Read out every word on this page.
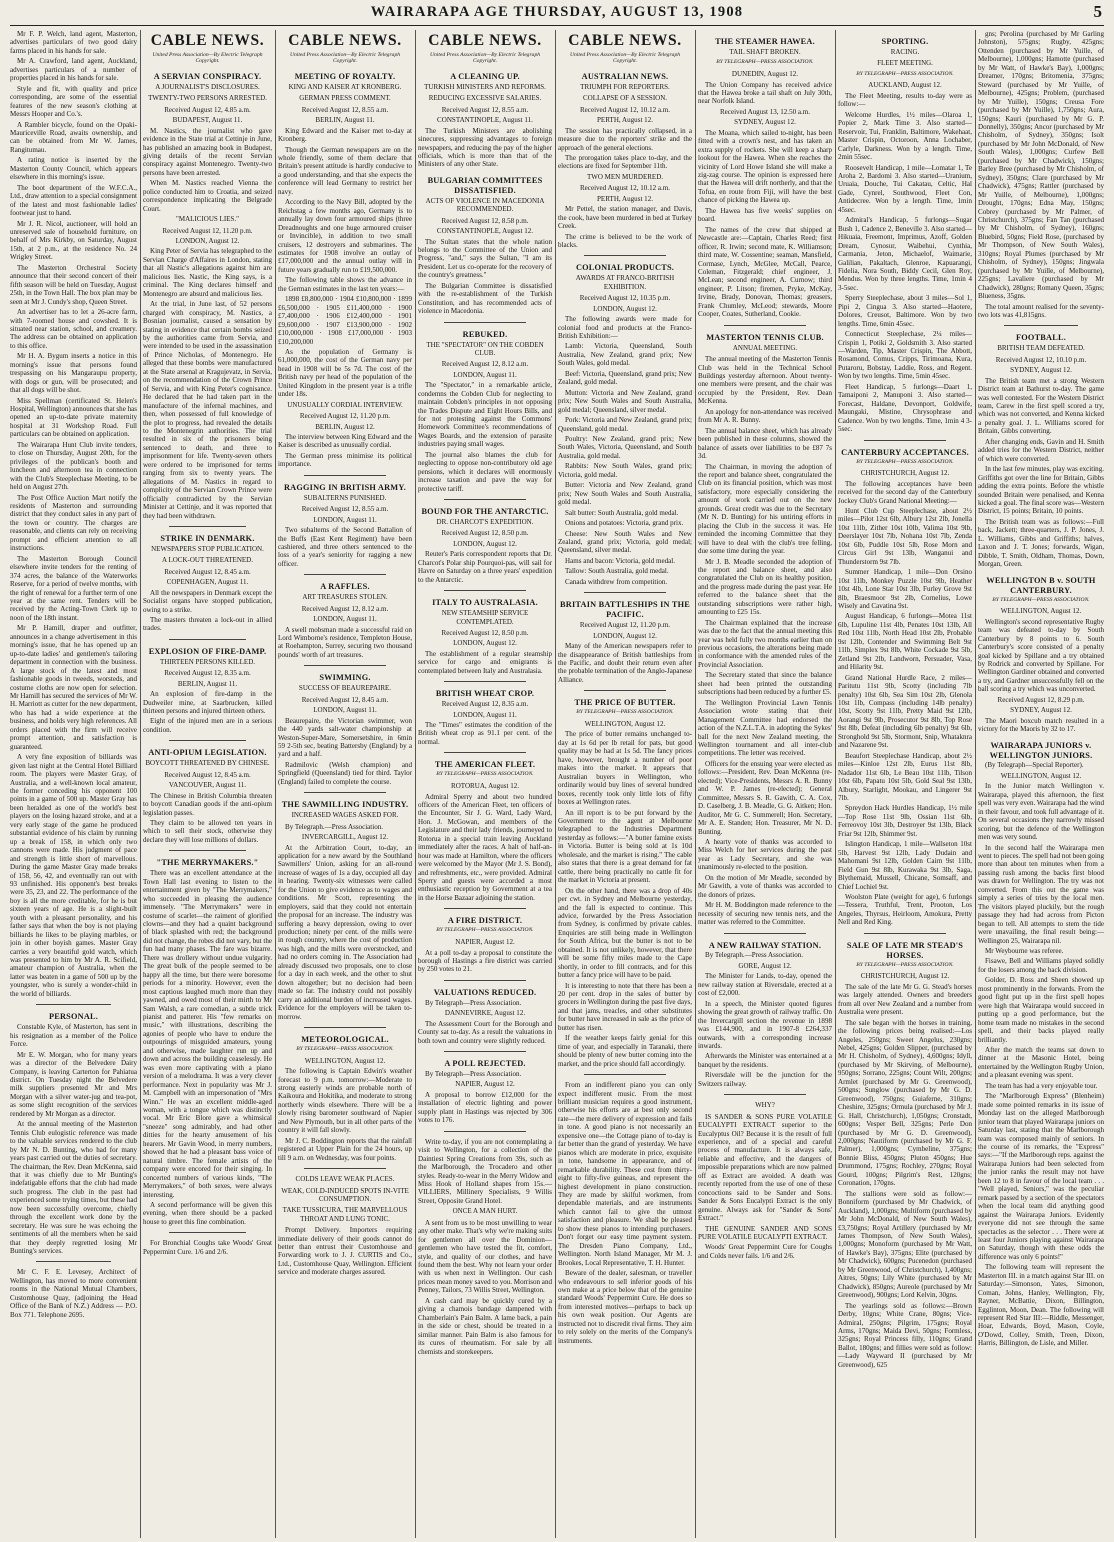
WAIRARAPA AGE THURSDAY, AUGUST 13, 1908	5

Mr F. P. Welch, land agent, Masterton, advertises particulars of two good dairy farms placed in his hands for sale.

Mr A. Crawford, land agent, Auckland, advertises particulars of a number of properties placed in his hands for sale.

Style and fit, with quality and price corresponding, are some of the essential features of the new season's clothing at Messrs Hooper and Co.'s.

A Rambler bicycle, found on the Opaki-Mauriceville Road, awaits ownership, and can be obtained from Mr W. James, Rangitumau.

A rating notice is inserted by the Masterton County Council, which appears elsewhere in this morning's issue.

The boot department of the W.F.C.A., Ltd., draw attention to a special consignment of the latest and most fashionable ladies' footwear just to hand.

Mr J. R. Nicol, auctioneer, will hold an unreserved sale of household furniture, on behalf of Mrs Kirkby, on Saturday, August 15th, at 2 p.m., at the residence No. 24 Wrigley Street.

The Masterton Orchestral Society announce that their second concert of their fifth season will be held on Tuesday, August 25th, in the Town Hall. The box plan may be seen at Mr J. Cundy's shop, Queen Street.

An advertiser has to let a 26-acre farm, with 7-roomed house and cowshed. It is situated near station, school, and creamery. The address can be obtained on application to this office.

Mr H. A. Bygum inserts a notice in this morning's issue that persons found trespassing on his Mangaraupu property, with dogs or gun, will be prosecuted; and that all dogs will be shot.

Miss Spellman (certificated St. Helen's Hospital, Wellington) announces that she has opened an up-to-date private maternity hospital at 31 Workshop Road. Full particulars can be obtained on application.

The Wairarapa Hunt Club invite tenders, to close on Thursday, August 20th, for the privileges of the publican's booth and luncheon and afternoon tea in connection with the Club's Steeplechase Meeting, to be held on August 27th.

The Post Office Auction Mart notify the residents of Masterton and surrounding district that they conduct sales in any part of the town or country. The charges are reasonable, and clients can rely on receiving prompt and efficient attention to all instructions.

The Masterton Borough Council elsewhere invite tenders for the renting of 374 acres, the balance of the Waterworks Reserve, for a period of twelve months, with the right of renewal for a further term of one year at the same rent. Tenders will be received by the Acting-Town Clerk up to noon of the 18th instant.

Mr P. Hamill, draper and outfitter, announces in a change advertisement in this morning's issue, that he has opened up an up-to-date ladies' and gentlemen's tailoring department in connection with the business. A large stock of the latest and most fashionable goods in tweeds, worsteds, and costume cloths are now open for selection. Mr Hamill has secured the services of Mr W. H. Marriott as cutter for the new department, who has had a wide experience at the business, and holds very high references. All orders placed with the firm will receive prompt attention, and satisfaction is guaranteed.

A very fine exposition of billiards was given last night at the Central Hotel Billiard room. The players were Master Gray, of Australia, and a well-known local amateur, the former conceding his opponent 100 points in a game of 500 up. Master Gray has been heralded as one of the world's best players on the losing hazard stroke, and at a very early stage of the game he produced substantial evidence of his claim by running up a break of 158, in which only two cannons were made. His judgment of pace and strength is little short of marvellous. During the game Master Gray made breaks of 158, 56, 42, and eventually ran out with 93 unfinished. His opponent's best breaks were 35, 23, and 22. The performance of the boy is all the more creditable, for he is but sixteen years of age. He is a slight-built youth with a pleasant personality, and his father says that when the boy is not playing billiards he likes to be playing marbles, or join in other boyish games. Master Gray carries a very beautiful gold watch, which was presented to him by Mr A. R. Scifield, amateur champion of Australia, when the latter was beaten in a game of 500 up by the youngster, who is surely a wonder-child in the world of billiards.

PERSONAL.

Constable Kyle, of Masterton, has sent in his resignation as a member of the Police Force.

Mr E. W. Morgan, who for many years was a director of the Belvedere Dairy Company, is leaving Carterton for Pahiatua district. On Tuesday night the Belvedere milk suppliers presented Mr and Mrs Morgan with a silver water-jug and tea-pot, as some slight recognition of the services rendered by Mr Morgan as a director.

At the annual meeting of the Masterton Tennis Club eulogistic reference was made to the valuable services rendered to the club by Mr N. D. Bunting, who had for many years past carried out the duties of secretary. The chairman, the Rev. Dean McKenna, said that it was chiefly due to Mr Bunting's indefatigable efforts that the club had made such progress. The club in the past had experienced some trying times, but these had now been successfully overcome, chiefly through the excellent work done by the secretary. He was sure he was echoing the sentiments of all the members when he said that they deeply regretted losing Mr Bunting's services.

Mr C. F. E. Levesey, Architect of Wellington, has moved to more convenient rooms in the National Mutual Chambers, Customhouse Quay, (adjoining the Head Office of the Bank of N.Z.) Address — P.O. Box 771. Telephone 2695.

CABLE NEWS.
United Press Association—By Electric Telegraph Copyright.
A SERVIAN CONSPIRACY.
A JOURNALIST'S DISCLOSURES.
TWENTY-TWO PERSONS ARRESTED.

Received August 12, 4.85 a.m.

BUDAPEST, August 11.

M. Nastics, the journalist who gave evidence in the State trial at Cettinje in June, has published an amazing book in Budapest, giving details of the recent Servian conspiracy against Montenegro. Twenty-two persons have been arrested.

When M. Nastics reached Vienna the police conducted him to Croatia, and seized correspondence implicating the Belgrade Court.

"MALICIOUS LIES."

Received August 12, 11.20 p.m.

LONDON, August 12.

King Peter of Servia has telegraphed to the Servian Charge d'Affaires in London, stating that all Nastic's allegations against him are malicious lies. Nastic, the King says, is a criminal. The King declares himself and Montenegro are absurd and malicious lies.

At the trial, in June last, of 52 persons charged with conspiracy, M. Nastics, a Bosnian journalist, caused a sensation by stating in evidence that certain bombs seized by the authorities came from Servia, and were intended to be used in the assassination of Prince Nicholas, of Montenegro. He alleged that these bombs were manufactured at the State arsenal at Kragujevatz, in Servia, on the recommendation of the Crown Prince of Servia, and with King Peter's cognisance. He declared that he had taken part in the manufacture of the infernal machines, and then, when possessed of full knowledge of the plot to progress, had revealed the details to the Montenegrin authorities. The trial resulted in six of the prisoners being sentenced to death, and three to imprisonment for life. Twenty-seven others were ordered to be imprisoned for terms ranging from six to twenty years. The allegations of M. Nastics in regard to complicity of the Servian Crown Prince were officially contradicted by the Servian Minister at Cettinje, and it was reported that they had been withdrawn.

STRIKE IN DENMARK.
NEWSPAPERS STOP PUBLICATION.
A LOCK-OUT THREATENED.

Received August 12, 8.45 a.m.

COPENHAGEN, August 11.

All the newspapers in Denmark except the Socialist organs have stopped publication, owing to a strike.

The masters threaten a lock-out in allied trades.

EXPLOSION OF FIRE-DAMP.
THIRTEEN PERSONS KILLED.

Received August 12, 8.35 a.m.

BERLIN, August 11.

An explosion of fire-damp in the Dudweiler mine, at Saarbrucken, killed thirteen persons and injured thirteen others.

Eight of the injured men are in a serious condition.

ANTI-OPIUM LEGISLATION.
BOYCOTT THREATENED BY CHINESE.

Received August 12, 8.45 a.m.

VANCOUVER, August 11.

The Chinese in British Columbia threaten to boycott Canadian goods if the anti-opium legislation passes.

They claim to be allowed ten years in which to sell their stock, otherwise they declare they will lose millions of dollars.

"THE MERRYMAKERS."

There was an excellent attendance at the Town Hall last evening to listen to the entertainment given by "The Merrymakers," who succeeded in pleasing the audience immensely. "The Merrymakers" were in costume of scarlet—the raiment of glorified clowns—and they had a quaint background of black splashed with red; the background did not change, the robes did not vary, but the fun had many phases. The fare was bizarre. There was drollery without undue vulgarity. The great bulk of the people seemed to be happy all the time, but there were boresome periods for a minority. However, even the most captious laughed much more than they yawned, and owed most of their mirth to Mr Sam Walsh, a rare comedian, a subtle trick pianist and patterer. His "few remarks on music," with illustrations, describing the agonies of people who have to endure the outpourings of misguided amateurs, young and otherwise, made laughter run up and down and across the building ceaselessly. He was even more captivating with a piano version of a melodrama. It was a very clever performance. Next in popularity was Mr J. M. Campbell with an impersonation of "Mrs Winn." He was an excellent middle-aged woman, with a tongue which was distinctly vocal. Mr Eric Blore gave a whimsical "sneeze" song admirably, and had other ditties for the hearty amusement of his hearers. Mr Gavin Wood, in merry numbers, showed that he had a pleasant bass voice of natural timbre. The female artists of the company were encored for their singing. In concerted numbers of various kinds, "The Merrymakers," of both sexes, were always interesting.

A second performance will be given this evening, when there should be a packed house to greet this fine combination.

For Bronchial Coughs take Woods' Great Peppermint Cure. 1/6 and 2/6.

CABLE NEWS.
United Press Association—By Electric Telegraph Copyright.
MEETING OF ROYALTY.
KING AND KAISER AT KRONBERG.
GERMAN PRESS COMMENT.

Received August 12, 8.55 a.m.

BERLIN, August 11.

King Edward and the Kaiser met to-day at Kronberg.

Though the German newspapers are on the whole friendly, some of them declare that Britain's present attitude is hardly conducive to a good understanding, and that she expects the conference will lead Germany to restrict her navy.

According to the Navy Bill, adopted by the Reichstag a few months ago, Germany is to annually lay down four armoured ships (three Dreadnoughts and one huge armoured cruiser or Invincible), in addition to two small cruisers, 12 destroyers and submarines. The estimates for 1908 involve an outlay of £17,000,000 and the annual outlay will in future years gradually run to £19,500,000.

The following table shows the advance in the German estimates in the last ten years:—

1898 £8,800,000 · 1904 £10,800,000 · 1899 £6,500,000 · 1905 £11,400,000 · 1900 £7,400,000 · 1906 £12,400,000 · 1901 £9,600,000 · 1907 £13,900,000 · 1902 £10,000,000 · 1908 £17,000,000 · 1903 £10,200,000

As the population of Germany is 61,000,000, the cost of the German navy per head in 1908 will be 5s 7d. The cost of the British navy per head of the population of the United Kingdom in the present year is a trifle under 18s.

UNUSUALLY CORDIAL INTERVIEW.

Received August 12, 11.20 p.m.

BERLIN, August 12.

The interview between King Edward and the Kaiser is described as unusually cordial.

The German press minimise its political importance.

RAGGING IN BRITISH ARMY.
SUBALTERNS PUNISHED.

Received August 12, 8.55 a.m.

LONDON, August 11.

Two subalterns of the Second Battalion of the Buffs (East Kent Regiment) have been cashiered, and three others sentenced to the loss of a year's seniority for ragging a new officer.

A RAFFLES.
ART TREASURES STOLEN.

Received August 12, 8.12 a.m.

LONDON, August 11.

A swell mobsman made a successful raid on Lord Wimborne's residence, Templeton House, at Roehampton, Surrey, securing two thousand pounds' worth of art treasures.

SWIMMING.
SUCCESS OF BEAUREPAIRE.

Received August 12, 8.45 a.m.

LONDON, August 11.

Beaurepaire, the Victorian swimmer, won the 440 yards salt-water championship at Weston-Super-Mare, Somersetshire, in 6min 59 2-5th sec, beating Battersby (England) by a yard and a half.

Radmilovic (Welsh champion) and Springfield (Queensland) tied for third. Taylor (England) failed to complete the course.

THE SAWMILLING INDUSTRY.
INCREASED WAGES ASKED FOR.

By Telegraph.—Press Association.

INVERCARGILL, August 12.

At the Arbitration Court, to-day, an application for a new award by the Southland Sawmillers' Union, asking for an all-round increase of wages of 1s a day, occupied all day in hearing. Twenty-six witnesses were called for the Union to give evidence as to wages and conditions. Mr Scott, representing the employers, said that they could not entertain the proposal for an increase. The industry was suffering a heavy depression, owing to over production; ninety per cent. of the mills were in rough country, where the cost of production was high, and the mills were overstocked, and had no orders coming in. The Association had already discussed two proposals, one to close for a day in each week, and the other to shut down altogether; but no decision had been made so far. The industry could not possibly carry an additional burden of increased wages. Evidence for the employers will be taken to-morrow.

METEOROLOGICAL.
BY TELEGRAPH—PRESS ASSOCIATION.

WELLINGTON, August 12.

The following is Captain Edwin's weather forecast to 9 p.m. tomorrow:—Moderate to strong easterly winds are probable north of Kaikoura and Hokitika, and moderate to strong northerly winds elsewhere. There will be a slowly rising barometer southward of Napier and New Plymouth, but in all other parts of the country it will fall slowly.

Mr J. C. Boddington reports that the rainfall registered at Upper Plain for the 24 hours, up till 9 a.m. on Wednesday, was four points.

COLDS LEAVE WEAK PLACES.
WEAK, COLD-INDUCED SPOTS IN-VITE CONSUMPTION.
TAKE TUSSICURA, THE MARVELLOUS THROAT AND LUNG TONIC.

Prompt Delivery. Importers requiring immediate delivery of their goods cannot do better than entrust their Customhouse and Forwarding work to J. J. CURTIS and Co., Ltd., Customhouse Quay, Wellington. Efficient service and moderate charges assured.

CABLE NEWS.
United Press Association—By Electric Telegraph Copyright.
A CLEANING UP.
TURKISH MINISTERS AND REFORMS.
REDUCING EXCESSIVE SALARIES.

Received August 12, 8.55 a.m.

CONSTANTINOPLE, August 11.

The Turkish Ministers are abolishing sinecures, suppressing advantages to foreign newspapers, and reducing the pay of the higher officials, which is more than that of the Ministers of any other State.

BULGARIAN COMMITTEES DISSATISFIED.
ACTS OF VIOLENCE IN MACEDONIA RECOMMENDED.

Received August 12, 8.58 p.m.

CONSTANTINOPLE, August 12.

The Sultan states that the whole nation belongs to the Committee of the Union and Progress, "and," says the Sultan, "I am its President. Let us co-operate for the recovery of the country's greatness."

The Bulgarian Committee is dissatisfied with the re-establishment of the Turkish Constitution, and has recommended acts of violence in Macedonia.

REBUKED.
THE "SPECTATOR" ON THE COBDEN CLUB.

Received August 12, 8.12 a.m.

LONDON, August 11.

The "Spectator," in a remarkable article, condemns the Cobden Club for neglecting to maintain Cobden's principles in not opposing the Trades Dispute and Eight Hours Bills, and for not protesting against the Commons' Homework Committee's recommendations of Wages Boards, and the extension of parasite industries paying small wages.

The journal also blames the club for neglecting to oppose non-contributory old age pensions, which it declares will enormously increase taxation and pave the way for protective tariff.

BOUND FOR THE ANTARCTIC.
DR. CHARCOT'S EXPEDITION.

Received August 12, 8.50 p.m.

LONDON, August 12.

Reuter's Paris correspondent reports that Dr. Charcot's Polar ship Pourquoi-pas, will sail for Havre on Saturday on a three years' expedition to the Antarctic.

ITALY TO AUSTRALASIA.
NEW STEAMSHIP SERVICE CONTEMPLATED.

Received August 12, 8.50 p.m.

LONDON, August 12.

The establishment of a regular steamship service for cargo and emigrants is contemplated between Italy and Australasia.

BRITISH WHEAT CROP.

Received August 12, 8.35 a.m.

LONDON, August 11.

The "Times" estimates the condition of the British wheat crop as 91.1 per cent. of the normal.

THE AMERICAN FLEET.
BY TELEGRAPH—PRESS ASSOCIATION.

ROTORUA, August 12.

Admiral Sperry and about two hundred officers of the American Fleet, ten officers of the Encounter, Sir J. G. Ward, Lady Ward, Hon. J. McGowan, and members of the Legislature and their lady friends, journeyed to Rotorua in a special train leaving Auckland immediately after the races. A halt of half-an-hour was made at Hamilton, where the officers were welcomed by the Mayor (Mr J. S. Bond), and refreshments, etc., were provided. Admiral Sperry and guests were accorded a most enthusiastic reception by Government at a tea in the Horse Bazaar adjoining the station.

A FIRE DISTRICT.
BY TELEGRAPH—PRESS ASSOCIATION.

NAPIER, August 12.

At a poll to-day a proposal to constitute the borough of Hastings a fire district was carried by 250 votes to 21.

VALUATIONS REDUCED.

By Telegraph—Press Association.

DANNEVIRKE, August 12.

The Assessment Court for the Borough and County sat to-day. As a result the valuations in both town and country were slightly reduced.

A POLL REJECTED.

By Telegraph—Press Association.

NAPIER, August 12.

A proposal to borrow £12,000 for the installation of electric lighting and power supply plant in Hastings was rejected by 306 votes to 176.

Write to-day, if you are not contemplating a visit to Wellington, for a collection of the Daintiest Spring Creations from 39s, such as the Marlborough, the Trocadero and other styles. Ready-to-wear in the Merry Widow and Miss Hook of Holland shapes from 15s.—VILLIERS, Millinery Specialists, 9 Willis Street, Opposite Grand Hotel.

ONCE A MAN HURT.

A sent from us to be most unwilling to wear any other make. That's why we're making suits for gentlemen all over the Dominion—gentlemen who have tested the fit, comfort, style, and quality of our clothes, and have found them the best. Why not learn your order with us when next in Wellington. Our cash prices mean money saved to you. Morrison and Penney, Tailors, 73 Willis Street, Wellington.

A cash card may be quickly cured by a giving a chamois bandage dampened with Chamberlain's Pain Balm. A lame back, a pain in the side or chest, should be treated in a similar manner. Pain Balm is also famous for its cures of rheumatism. For sale by all chemists and storekeepers.

CABLE NEWS.
United Press Association—By Electric Telegraph Copyright.
AUSTRALIAN NEWS.
TRIUMPH FOR REPORTERS.
COLLAPSE OF A SESSION.

Received August 12, 10.12 a.m.

PERTH, August 12.

The session has practically collapsed, in a measure due to the reporters' strike and the approach of the general elections.

The prorogation takes place to-day, and the elections are fixed for September 11th.

TWO MEN MURDERED.

Received August 12, 10.12 a.m.

PERTH, August 12.

Mr Pettel, the station manager, and Davis, the cook, have been murdered in bed at Turkey Creek.

The crime is believed to be the work of blacks.

COLONIAL PRODUCTS.
AWARDS AT FRANCO-BRITISH EXHIBITION.

Received August 12, 10.35 p.m.

LONDON, August 12.

The following awards were made for colonial food and products at the Franco-British Exhibition:—

Lamb: Victoria, Queensland, South Australia, New Zealand, grand prix; New South Wales, gold medal.

Beef: Victoria, Queensland, grand prix; New Zealand, gold medal.

Mutton: Victoria and New Zealand, grand prix; New South Wales and South Australia, gold medal; Queensland, silver medal.

Pork: Victoria and New Zealand, grand prix; Queensland, gold medal.

Poultry: New Zealand, grand prix; New South Wales, Victoria, Queensland, and South Australia, gold medal.

Rabbits: New South Wales, grand prix; Victoria, gold medal.

Butter: Victoria and New Zealand, grand prix; New South Wales and South Australia, gold medal.

Salt butter: South Australia, gold medal.

Onions and potatoes: Victoria, grand prix.

Cheese: New South Wales and New Zealand, grand prix; Victoria, gold medal; Queensland, silver medal.

Hams and bacon: Victoria, gold medal.

Tallow: South Australia, gold medal.

Canada withdrew from competition.

BRITAIN BATTLESHIPS IN THE PACIFIC.

Received August 12, 11.20 p.m.

LONDON, August 12.

Many of the American newspapers refer to the disappearance of British battleships from the Pacific, and doubt their return even after the probable termination of the Anglo-Japanese Alliance.

THE PRICE OF BUTTER.
BY TELEGRAPH—PRESS ASSOCIATION.

WELLINGTON, August 12.

The price of butter remains unchanged to-day at 1s 6d per lb retail for pats, but good quality may be had at 1s 5d. The fancy prices have, however, brought a number of poor makes into the market. It appears that Australian buyers in Wellington, who ordinarily would buy lines of several hundred boxes, recently took only little lots of fifty boxes at Wellington rates.

An ill report is to be put forward by the Government to the agent at Melbourne telegraphed to the Industries Department yesterday as follows:—"A butter famine exists in Victoria. Butter is being sold at 1s 10d wholesale, and the market is rising." The cable also states that there is a great demand for fat cattle, there being practically no cattle fit for the market in Victoria at present.

On the other hand, there was a drop of 40s per cwt. in Sydney and Melbourne yesterday, and the fall is expected to continue. This advice, forwarded by the Press Association from Sydney, is confirmed by private cables. Enquiries are still being made in Wellington for South Africa, but the butter is not to be obtained. It is not unlikely, however, that there will be some fifty miles made to the Cape shortly, in order to fill contracts, and for this butter a fancy price will have to be paid.

It is interesting to note that there has been a 20 per cent. drop in the sales of butter by grocers in Wellington during the past five days, and that jams, treacles, and other substitutes for butter have increased in sale as the price of butter has risen.

If the weather keeps fairly genial for this time of year, and especially in Taranaki, there should be plenty of new butter coming into the market, and the price should fall accordingly.

From an indifferent piano you can only expect indifferent music. From the most brilliant musician requires a good instrument, otherwise his efforts are at best only second rate—the mere delivery of expression and fails in tone. A good piano is not necessarily an expensive one—the Cottage piano of to-day is far better than the grand of yesterday. We have pianos which are moderate in price, exquisite in tone, handsome in appearance, and of remarkable durability. These cost from thirty-eight to fifty-five guineas, and represent the highest development in piano construction. They are made by skilful workmen, from dependable materials, and are instruments which cannot fail to give the utmost satisfaction and pleasure. We shall be pleased to show these pianos to intending purchasers. Don't forget our easy time payment system. The Dresden Piano Company, Ltd., Wellington. North Island Manager, Mr M. J. Brookes, Local Representative, T. H. Hunter.

Beware of the dealer, salesman, or traveller who endeavours to sell inferior goods of his own make at a price below that of the genuine standard Woods' Peppermint Cure. He does so from interested motives—perhaps to back up his own weak position. Our Agents are instructed not to discredit rival firms. They aim to rely solely on the merits of the Company's instruments.

THE STEAMER HAWEA.
TAIL SHAFT BROKEN.
BY TELEGRAPH—PRESS ASSOCIATION.

DUNEDIN, August 12.

The Union Company has received advice that the Hawea broke a tail shaft on July 30th, near Norfolk Island.

Received August 13, 12.50 a.m.

SYDNEY, August 12.

The Moana, which sailed to-night, has been fitted with a crown's nest, and has taken an extra supply of rockets. She will keep a sharp lookout for the Hawea. When she reaches the vicinity of Lord Howe Island she will make a zig-zag course. The opinion is expressed here that the Hawea will drift northerly, and that the Tofua, en route from Fiji, will have the best chance of picking the Hawea up.

The Hawea has five weeks' supplies on board.

The names of the crew that shipped at Newcastle are:—Captain, Charles Reed; first officer, R. Irwin; second mate, K. Williamson; third mate, W. Cossentine; seaman, Mansfield, Cormase, Lynch, McGlee, McCall, Pearce, Coleman, Fitzgerald; chief engineer, J. McLean; second engineer, A. Curnow; third engineer, P. Litson; firemen, Pryke, McKay, Irvine, Brady, Donovan, Thomas; greasers, Frank Chumley, McLeod; stewards, Moore Cooper, Coates, Sutherland, Cookie.

MASTERTON TENNIS CLUB.
ANNUAL MEETING.

The annual meeting of the Masterton Tennis Club was held in the Technical School Buildings yesterday afternoon. About twenty-one members were present, and the chair was occupied by the President, Rev. Dean McKenna.

An apology for non-attendance was received from Mr A. R. Bunny.

The annual balance sheet, which has already been published in these columns, showed the balance of assets over liabilities to be £87 7s 3d.

The Chairman, in moving the adoption of the report and balance sheet, congratulated the Club on its financial position, which was most satisfactory, more especially considering the amount of work carried out on the new grounds. Great credit was due to the Secretary (Mr N. D. Bunting) for his untiring efforts in placing the Club in the success it was. He reminded the incoming Committee that they will have to deal with the club's tree felling, due some time during the year.

Mr J. B. Meadle seconded the adoption of the report and balance sheet, and also congratulated the Club on its healthy position, and the progress made during the past year. He referred to the balance sheet that the outstanding subscriptions were rather high, amounting to £25 15s.

The Chairman explained that the increase was due to the fact that the annual meeting this year was held fully two months earlier than on previous occasions, the alterations being made in conformance with the amended rules of the Provincial Association.

The Secretary stated that since the balance sheet had been printed the outstanding subscriptions had been reduced by a further £5.

The Wellington Provincial Lawn Tennis Association wrote stating that their Management Committee had endorsed the action of the N.Z.L.T.A. in adopting the Sykes' ball for the next New Zealand meeting, the Wellington tournament and all inter-club competitions. The letter was received.

Officers for the ensuing year were elected as follows:—President, Rev. Dean McKenna (re-elected); Vice-Presidents, Messrs A. R. Bunny and W. P. James (re-elected); General Committee, Messrs S. R. Gawith, C. A. Cox, D. Caselberg, J. B. Meadle, G. G. Aitken; Hon. Auditor, Mr G. C. Summerell; Hon. Secretary, Mr A. E. Standen; Hon. Treasurer, Mr N. D. Bunting.

A hearty vote of thanks was accorded to Miss Welch for her services during the past year as Lady Secretary, and she was unanimously re-elected to the position.

On the motion of Mr Meadle, seconded by Mr Gawith, a vote of thanks was accorded to the donors of prizes.

Mr H. M. Boddington made reference to the necessity of securing new tennis nets, and the matter was referred to the Committee.

A NEW RAILWAY STATION.

By Telegraph.—Press Association.

GORE, August 12.

The Minister for Lands, to-day, opened the new railway station at Riversdale, erected at a cost of £2,000.

In a speech, the Minister quoted figures showing the great growth of railway traffic. On the Invercargill section the revenue in 1898 was £144,900, and in 1907-8 £264,337 outwards, with a corresponding increase inwards.

Afterwards the Minister was entertained at a banquet by the residents.

Riversdale will be the junction for the Switzers railway.

WHY?

IS SANDER & SONS PURE VOLATILE EUCALYPTI EXTRACT superior to the Eucalyptus Oil? Because it is the result of full experience, and of a special and careful process of manufacture. It is always safe, reliable and effective, and the dangers of impossible preparations which are now palmed off as Extract are avoided. A death was recently reported from the use of one of these concoctions said to be Sander and Sons. Sander & Sons Eucalypti Extract is the only genuine. Always ask for "Sander & Sons' Extract."

THE GENUINE SANDER AND SONS PURE VOLATILE EUCALYPTI EXTRACT.

Woods' Great Peppermint Cure for Coughs and Colds never fails. 1/6 and 2/6.

SPORTING.
RACING.
FLEET MEETING.
BY TELEGRAPH—PRESS ASSOCIATION.

AUCKLAND, August 12.

The Fleet Meeting, results to-day were as follow:—

Welcome Hurdles, 1½ miles—Olaroa 1, Popier 2, Mark Time 3. Also started—Reservoir, Tui, Franklin, Baltimore, Wakehaat, Master Crispin, Octoroon, Anna Lochaber, Carlyle, Darkness. Won by a length. Time, 2min 55sec.

Roosevelt Handicap, 1 mile—Lomatar 1, Te Aroha 2, Bardomi 3. Also started—Uranium, Uruaia, Douche, Tui Cakatau, Celtic, Hal Gade, Cynrel, Southwood, Fleet Con, Antidecree. Won by a length. Time, 1min 45sec.

Admiral's Handicap, 5 furlongs—Sugar Bush 1, Cadence 2, Beneville 3. Also started—Hikuaia, Freemont, Imprimus, Azoff, Golden Dream, Cynosur, Waibehui, Cynthia, Carmania, Jeton, Michaelof, Waimarie, Galilian, Pakaltach, Glenroe, Kapuarangi, Fidelia, Nora South, Biddy Cecil, Glen Roy, Mendus. Won by three lengths. Time, 1min 4 3-5sec.

Sperry Steeplechase, about 3 miles—Sol 1, Pipi 2, Cingua 3. Also started—Haotere, Dolores, Creusot, Baltimore. Won by two lengths. Time, 6min 45sec.

Connecticut Steeplechase, 2¼ miles—Crispin 1, Potiki 2, Goldsmith 3. Also started—Warden, Tip, Master Crispin, The Abbott, Rosamond, Comus, Cripps, Tirimoana, Kura, Putaroru, Bobstay, Laddie, Ross, and Regent. Won by two lengths. Time, 5min 45sec.

Fleet Handicap, 5 furlongs—Daart 1, Tamaiponi 2, Manuponi 3. Also started—Forecast, Haldane, Devonport, Goldwife, Maungaki, Mistine, Chrysophrase and Cadence. Won by two lengths. Time, 1min 4 3-5sec.

CANTERBURY ACCEPTANCES.
BY TELEGRAPH—PRESS ASSOCIATION.

CHRISTCHURCH, August 12.

The following acceptances have been received for the second day of the Canterbury Jockey Club's Grand National Meeting:—

Hunt Club Cup Steeplechase, about 2½ miles—Pilot 12st 6lb, Albury 12st 2lb, Jonella 10st 11lb, Zither 10st 10lb, Valima 10st 9lb, Deerslayer 10st 7lb, Nohana 10st 7lb, Zenda 10st 6lb, Puddle 10st 5lb, Rose Morn and Circus Girl 9st 13lb, Wanganui and Thunderstorm 9st 7lb.

Summer Handicap, 1 mile—Don Orsino 10st 11lb, Monkey Puzzle 10st 9lb, Heather 10st 4lb, Lone Star 10st 3lb, Furley Grove 9st 8lb, Braesmoor 9st 2lb, Cornelius, Lowe Wisely and Cavatina 9st.

August Handicap, 6 furlongs—Motea 11st 6lb, Lupuline 11st 4lb, Penates 10st 13lb, All Red 10st 11lb, North Head 10st 2lb, Probable 9st 12lb, Contender and Swimming Belt 9st 11lb, Simplex 9st 8lb, White Cockade 9st 5lb, Zetland 9st 2lb, Landworn, Persuader, Vasa, and Hilarity 9st.

Grand National Hurdle Race, 2 miles—Paritutu 11st 9lb, Scotty (including 7lb penalty) 10st 6lb, Sea Sim 10st 2lb, Glenola 10st 1lb, Compass (including 14lb penalty) 10st, Scotty 9st 11lb, Pretty Maid 9st 12lb, Aorangi 9st 9lb, Prosecutor 9st 8lb, Top Rose 9st 8lb, Defeat (including 6lb penalty) 9st 6lb, Stronghold 9st 5lb, Stormont, Snip, Whataknra and Nazarene 9st.

Beaufort Steeplechase Handicap, about 2½ miles—Kinloe 12st 2lb, Eurus 11st 8lb, Nadador 11st 6lb, Le Beau 10st 11lb, Tilson 10st 6lb, Papatu 10st 5lb, Gold Seal 9st 13lb, Albury, Starlight, Mookau, and Lingerer 9st 7lb.

Spreydon Hack Hurdles Handicap, 1½ mile—Top Rose 11st 9lb, Ossian 11st 6lb, Ferreovoy 10st 3lb, Destroyer 9st 13lb, Black Friar 9st 12lb, Shimmer 9st.

Islington Handicap, 1 mile—Wallseton 10st 5lb, Harvest 9st 12lb, Lady Dudain and Mahomani 9st 12lb, Golden Cairn 9st 11lb, Field Gun 9st 8lb, Kurawaka 9st 3lb, Saga, Blythemaid, Mussell, Chicane, Somsaff, and Chief Lochiel 9st.

Woolston Plate (weight for age), 6 furlongs—Tessera, Truthful, Trent, Prooton, Los Angeles, Thyrsus, Heirloom, Amokura, Pretty Nell and Red King.

SALE OF LATE MR STEAD'S HORSES.
BY TELEGRAPH—PRESS ASSOCIATION.

CHRISTCHURCH, August 12.

The sale of the late Mr G. G. Stead's horses was largely attended. Owners and breeders from all over New Zealand and a number from Australia were present.

The sale began with the horses in training, the following prices being realised:—Los Angeles, 250gns; Sweet Angelus, 230gns; Nebel, 425gns; Golden Slipper, (purchased by Mr H. Chisholm, of Sydney), 4,600gns; Idyll, (purchased by Mr Skirving, of Melbourne), 950gns; Sorrano, 225gns; Count Wilt, 200gns; Armlet (purchased by Mr G. Greenwood), 500gns; Sunglow (purchased by Mr G. D. Greenwood), 750gns; Guiaferne, 310gns; Cheshire, 325gns; Ormula (purchased by Mr J. G. Hall, Christchurch), 1,050gns; Cronstadt, 600gns; Vesper Bell, 325gns; Perle Don (purchased by Mr G. D. Greenwood), 2,000gns; Nautiform (purchased by Mr G. F. Palmer), 1,000gns; Cymbeline, 375gns; Bonnie Bliss, 450gns; Pluton 450gns; Hue Drummond, 175gns; Rochley, 270gns; Royal Gourd, 100gns; Pilgrim's Rest, 120gns; Coronation, 170gns.

The stallions were sold as follow:—Bonniform (purchased by Mr Chadwick, of Auckland), 1,000gns; Multiform (purchased by Mr John McDonald, of New South Wales), £3,750gns; Royal Artillery (purchased by Mr James Thompson, of New South Wales), 1,000gns; Monoform (purchased by Mr Watt, of Hawke's Bay), 375gns; Elite (purchased by Mr Chadwick), 600gns; Pucenedon (purchased by Mr Greenwood, of Christchurch), 1,400gns; Aitres, 50gns; Lily White (purchased by Mr Chadwick), 850gns; Aureole (purchased by Mr Greenwood), 900gns; Lord Kelvin, 30gns.

The yearlings sold as follows:—Brown Derby, 10gns; White Crane, 80gns; Vice-Admiral, 250gns; Pilgrim, 175gns; Royal Arms, 170gns; Maida Devi, 50gns; Formless, 325gns; Royal Princess filly, 110gns; Grand Ballot, 180gns; and fillies were sold as follow:—Lady Wayward II (purchased by Mr Greenwood), 625

gns; Perolina (purchased by Mr Garling Johnston), 575gns; Rugby, 425gns; Ottenden (purchased by Mr Yuille, of Melbourne), 1,000gns; Hamotte (purchased by Mr Watt, of Hawke's Bay), 1,000gns; Dreamer, 170gns; Britomenia, 375gns; Steward (purchased by Mr Yuille, of Melbourne), 425gns; Problem, (purchased by Mr Yuille), 150gns; Creusa Fore (purchased by Mr Yuille), 1,750gns; Aura, 150gns; Kauri (purchased by Mr G. P. Donnelly), 350gns; Ancor (purchased by Mr Chisholm, of Sydney), 350gns; Isolt (purchased by Mr John McDonald, of New South Wales), 1,000gns; Curfew Bell (purchased by Mr Chadwick), 150gns; Barley Bree (purchased by Mr Chisholm, of Sydney), 350gns; Clare (purchased by Mr Chadwick), 475gns; Rattler (purchased by Mr Yuille, of Melbourne), 1,000gns; Drought, 170gns; Edna May, 150gns; Cobrey (purchased by Mr Palmer, of Christchurch), 375gns; Fan Tan (purchased by Mr Chisholm, of Sydney), 160gns; Bluebird, 50gns; Field Rose, (purchased by Mr Thompson, of New South Wales), 310gns; Royal Plumes (purchased by Mr Chisholm, of Sydney), 150gns; Jingwala (purchased by Mr Yuille, of Melbourne), 225gns; Lavaliere (purchased by Mr Chadwick), 280gns; Romany Queen, 35gns; Blueness, 35gns.

The total amount realised for the seventy-two lots was 41,815gns.

FOOTBALL.
BRITISH TEAM DEFEATED.

Received August 12, 10.10 p.m.

SYDNEY, August 12.

The British team met a strong Western District team at Bathurst to-day. The game was well contested. For the Western District team, Carew in the first spell scored a try, which was not converted, and Kenna kicked a penalty goal. J. L. Williams scored for Britain, Gibbs converting.

After changing ends, Gavin and H. Smith added tries for the Western District, neither of which were converted.

In the last few minutes, play was exciting. Griffiths got over the line for Britain, Gibbs adding the extra points. Before the whistle sounded Britain were penalised, and Kenna kicked a goal. The final score was—Western District, 15 points; Britain, 10 points.

The British team was as follows:—Full back, Jackett; three-quarters, J. P. Jones, J. L. Williams, Gibbs and Griffiths; halves, Laxon and J. T. Jones; forwards, Wigan, Dibble, T. Smith, Oldham, Thomas, Down, Morgan, Green.

WELLINGTON B v. SOUTH CANTERBURY.
BY TELEGRAPH—PRESS ASSOCIATION.

WELLINGTON, August 12.

Wellington's second representative Rugby team was defeated to-day by South Canterbury by 8 points to 6. South Canterbury's score consisted of a penalty goal kicked by Spillane and a try obtained by Rodrick and converted by Spillane. For Wellington Gardiner obtained and converted a try, and Gardner unsuccessfully fell on the ball scoring a try which was unconverted.

Received August 12, 8.29 p.m.

SYDNEY, August 12.

The Maori boxcub match resulted in a victory for the Maoris by 32 to 17.

WAIRARAPA JUNIORS v. WELLINGTON JUNIORS.

(By Telegraph—Special Reporter).

WELLINGTON, August 12.

In the Junior match Wellington v. Wairarapa, played this afternoon, the first spell was very even. Wairarapa had the wind in their favour, and took full advantage of it. On several occasions they narrowly missed scoring, but the defence of the Wellington men was very sound.

In the second half the Wairarapa men went to pieces. The spell had not been going more than about ten minutes when from a passing rush among the backs first blood was drawn for Wellington. The try was not converted. From this out the game was simply a series of tries by the local men. The visitors played pluckily, but the rough passage they had had across from Picton began to tell. All attempts to stem the tide were unavailing, the final result being:—Wellington 25, Wairarapa nil.

Mr Weybourne was referee.

Fisawe, Bell and Williams played solidly for the losers among the back division.

Golder, D. Ross and Sheen showed up most prominently in the forwards. From the good fight put up in the first spell hopes were high that Wairarapa would succeed in putting up a good performance, but the home team made no mistakes in the second spell, and their backs played really brilliantly.

After the match the teams sat down to dinner at the Masonic Hotel, being entertained by the Wellington Rugby Union, and a pleasant evening was spent.

The team has had a very enjoyable tour.

The "Marlborough Express" (Blenheim) made some pointed remarks in its issue of Monday last on the alleged Marlborough junior team that played Wairarapa juniors on Saturday last, stating that the Marlborough team was composed mainly of seniors. In the course of its remarks, the "Express" says:—"If the Marlborough reps. against the Wairarapa Juniors had been selected from the junior ranks the result may not have been 12 to 8 in favour of the local team . . . "Well played, Seniors," was the peculiar remark passed by a section of the spectators when the local team did anything good against the Wairarapa Juniors. Evidently everyone did not see through the same spectacles as the selector . . . There were at least four Juniors playing against Wairarapa on Saturday, though with these odds the difference was only 6 points!"

The following team will represent the Masterton III. in a match against Star III. on Saturday:—Simonson, Yates, Simonon, Coman, Johns, Hanley, Wellington, Fly, Rayner, McBattie, Dixon, Billington, Egglinton, Moon, Dean. The following will represent Red Star III:—Riddle, Messenger, Hoar, Edwards, Boyd, Mason, Coyle, O'Dowd, Colley, Smith, Treen, Dixon, Harris, Billington, de Lisle, and Miller.
